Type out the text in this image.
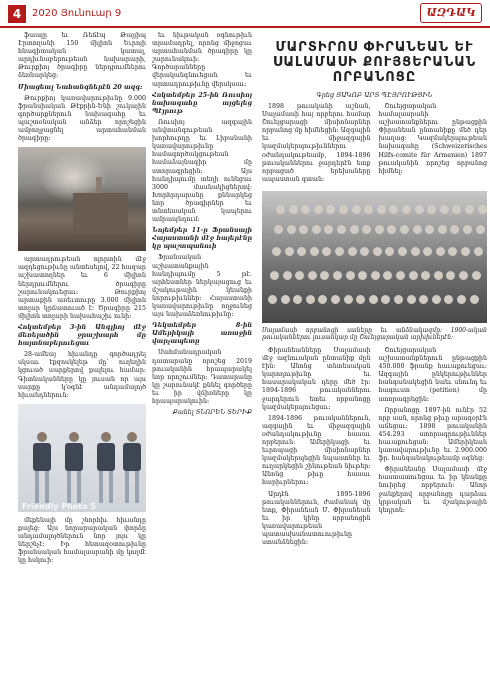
4	2020 Յունուար 9	ԱԶԴԱԿ

ֆաալը եւ Ռեճէպ Թայյիպ Էրտողանի 150 միլիոն Եւրոյի հնագիտական կատալ, արդիւնաբերութեան նախարարի, Թուրքիոյ ծրագիրը ներդրումներու ձեռնարկեց:

Միացեալ Նահանգներէն 20 ազգ:

Թուրքիոյ կառավարութիւնը 9.000 ֆրանսիական Թէքրին-Ենի շուկային գործարքներուն նախագահը եւ պաշտօնական անձեր որոշեցին ամբողջացնել արտահանման ծրագիրը:

արտադրութեան ոլորտին մէջ ազդեցութիւնը անտեսելով, 22 հազար աշխատողներ եւ 6 միլիոն ներդրումներու ծրագիրը շարունակուեցաւ: Թուրքիոյ արտաքին առեւտուրը 3.000 միլիոն տոլար կրճատուած է: Ծրագիրը 215 միլիոն տոլարի նախահաշիւ ունի:

Հոկտեմբեր 3-ին Անգլիոյ մէջ մեռելածին ջրաշխարհ մը հայտնաբերուեցաւ

28-ամեայ հիւանդը գործադրել սկսաւ էքզոսկելեթ մը՝ ուղեղին կցուած սարքերով քալելու համար: Գիտնականները կը յուսան որ այս սարքը կ՚օգնէ անդամալոյծ հիւանդներուն:

Friendly Photo 5

մեքենայի մը շնորհիւ հիւանդը քալեց: Այս նորարարական փորձը անդամալոյծներուն նոր յոյս կը ներշնչէ: Իր հետազօտութիւնը ֆրանսական համալսարանի մը կողմէ կը հսկուի:

եւ նիւթական օգնութիւն տրամադրել, որոնց միջոցաւ արտահանման ծրագիրը կը շարունակուի: Գործարանները վերականգնուեցան եւ արտադրութիւնը վերսկսաւ:

Հոկտեմբեր 25-ին Ռուսիոյ նախագահը այցելեց Պէյրութ

Ռուսիոյ ազգային անվտանգութեան խորհուրդը եւ Լիբանանի կառավարութիւնը համագործակցութեան համաձայնագիր մը ստորագրեցին: Այս հանդիպումը տեղի ունեցաւ 3000 մասնակիցներով: Խորհրդարանը քննարկեց նոր ծրագիրներ եւ տնտեսական կապերու ամրապնդում:

Նոյեմբեր 11-ը Ֆրանսայի Հայաստանի մէջ հայերէնը կը պաշտպանուի

Ֆրանսական աշխատանքային հանդիպումը 5 թէ. արհեստներ ներկայացուց եւ մշակութային կեանքի նորութիւններ: Հայաստանի կառավարութիւնը ողջունեց այս նախաձեռնութիւնը:

Դեկտեմբեր 8-ին Ամերիկայի առաջին վարչապետը

Սահմանադրական դատարանը որոշեց 2019 թուականին հրապարակել նոր որոշումներ: Դատարանը կը շարունակէ քննել գործերը եւ իր վճիռները կը հրապարակուին:

Քանել ՏՆՈՐԵՆ ՏԵՐԻՔ

ՄԱՐՏԻՐՈՍ ՓԻՐԱՆԵԱՆ ԵՒ ՍԱԼԱՄԱՍԻ ՔՈՒՅՑԵՐԱՆԱՆ ՈՐԲԱՆՈՑԸ
Գրեց ՅԱԿՈԲ ԱՐՏ ՊԷՅՐՈՒԹՑԻՆ

1898 թուականի աշնան, Սալամասի հայ որբերու համար Շուեյցարացի միսիոնարներ որբանոց մը հիմնեցին: Ազգային եւ միջազգային կազմակերպութիւններու օժանդակութեամբ, 1894-1896 թուականներու ջարդերէն ետք որբացած երեխաները ապաստան գտան:

Շուեյցարական համալսարանի աշխատանքներու ընթացքին Փիրանեան ընտանիքը մեծ դեր խաղաց: Կազմակերպութեան նախագահը (Schweizerisches Hilfs-comite für Armenien) 1897 թուականին որոշեց որբանոց հիմնել:

Սալամասի որբանոցի սաները եւ անձնակազմը: 1900-ական թուականներու լուսանկար մը Շուեյցարական արխիւներէն:

Փիրանեանները Սալամասի մէջ ազնուական ընտանիք մըն էին: Անոնց տնտեսական կարողութիւնը եւ հասարակական դերը մեծ էր: 1894-1896 թուականներու ջարդերուն ետեւ որբանոցը կազմակերպուեցաւ:

1894-1896 թուականներուն, ազգային եւ միջազգային օժանդակութիւնը հասաւ որբերուն: Ամերիկացի եւ եւրոպացի միսիոնարներ կազմակերպեցին նպաստներ եւ ուղարկեցին շինութեան նիւթեր: Անոնց թիւը հասաւ հարիւրներու:

Արդէն 1895-1896 թուականներուն, ժամանակ մը ետք, Փիրանեան Մ. Փիրանեան եւ իր կինը որբանոցին կառավարութեան պատասխանատուութիւնը ստանձնեցին:

Շուեյցարական աշխատանքներուն ընթացքին 450.000 ֆրանք հաւաքուեցաւ: Ազգային ընկերութիւններ հանգանակեցին նաեւ սնունդ եւ հագուստ (petition) մը ստորագրեցին:

Որբանոցը 1897-ին ունէր 52 որբ սան, որոնց թիւը արագօրէն աճեցաւ: 1898 թուականին 454.293 ստորագրութիւններ հաւաքուեցան: Ամերիկեան կառավարութիւնը եւ 2.900.000 ֆր. հանգանակութեամբ օգնեց:

Փիրանեանը Սալամասի մէջ հաստատուեցաւ եւ իր կեանքը նուիրեց որբերուն: Անոր ջանքերով որբանոցը դարձաւ կրթական եւ մշակութային կեդրոն:
